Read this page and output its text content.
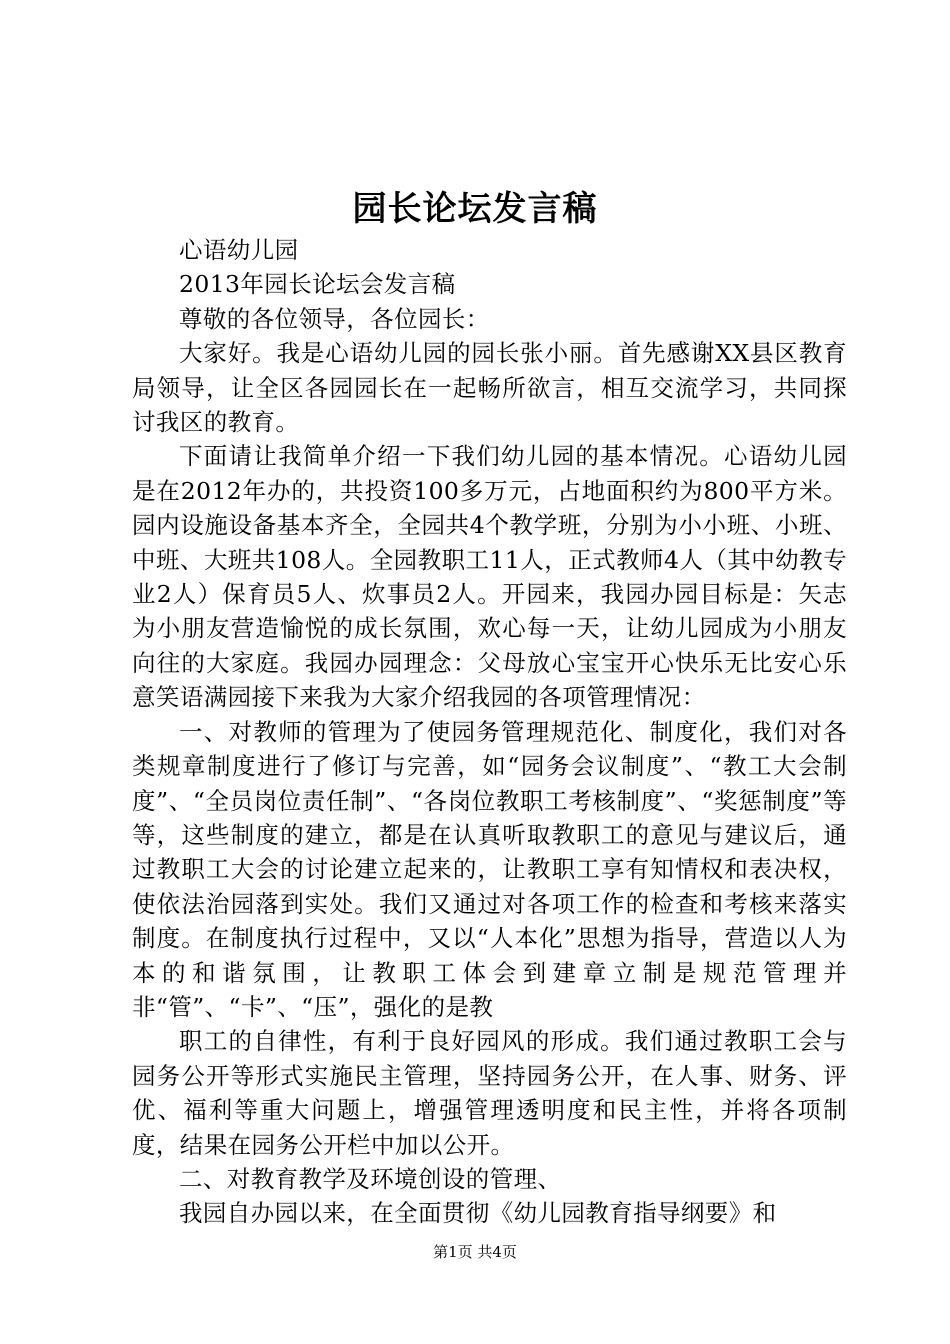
园长论坛发言稿

心语幼儿园

2013年园长论坛会发言稿

尊敬的各位领导，各位园长：

大家好。我是心语幼儿园的园长张小丽。首先感谢XX县区教育局领导，让全区各园园长在一起畅所欲言，相互交流学习，共同探讨我区的教育。

下面请让我简单介绍一下我们幼儿园的基本情况。心语幼儿园是在2012年办的，共投资100多万元，占地面积约为800平方米。园内设施设备基本齐全，全园共4个教学班，分别为小小班、小班、中班、大班共108人。全园教职工11人，正式教师4人（其中幼教专业2人）保育员5人、炊事员2人。开园来，我园办园目标是：矢志为小朋友营造愉悦的成长氛围，欢心每一天，让幼儿园成为小朋友向往的大家庭。我园办园理念：父母放心宝宝开心快乐无比安心乐意笑语满园接下来我为大家介绍我园的各项管理情况：

一、对教师的管理为了使园务管理规范化、制度化，我们对各类规章制度进行了修订与完善，如“园务会议制度”、“教工大会制度”、“全员岗位责任制”、“各岗位教职工考核制度”、“奖惩制度”等等，这些制度的建立，都是在认真听取教职工的意见与建议后，通过教职工大会的讨论建立起来的，让教职工享有知情权和表决权，使依法治园落到实处。我们又通过对各项工作的检查和考核来落实制度。在制度执行过程中，又以“人本化”思想为指导，营造以人为本的和谐氛围，让教职工体会到建章立制是规范管理并非“管”、“卡”、“压”，强化的是教

职工的自律性，有利于良好园风的形成。我们通过教职工会与园务公开等形式实施民主管理，坚持园务公开，在人事、财务、评优、福利等重大问题上，增强管理透明度和民主性，并将各项制度，结果在园务公开栏中加以公开。

二、对教育教学及环境创设的管理、

我园自办园以来，在全面贯彻《幼儿园教育指导纲要》和

第1页 共4页
